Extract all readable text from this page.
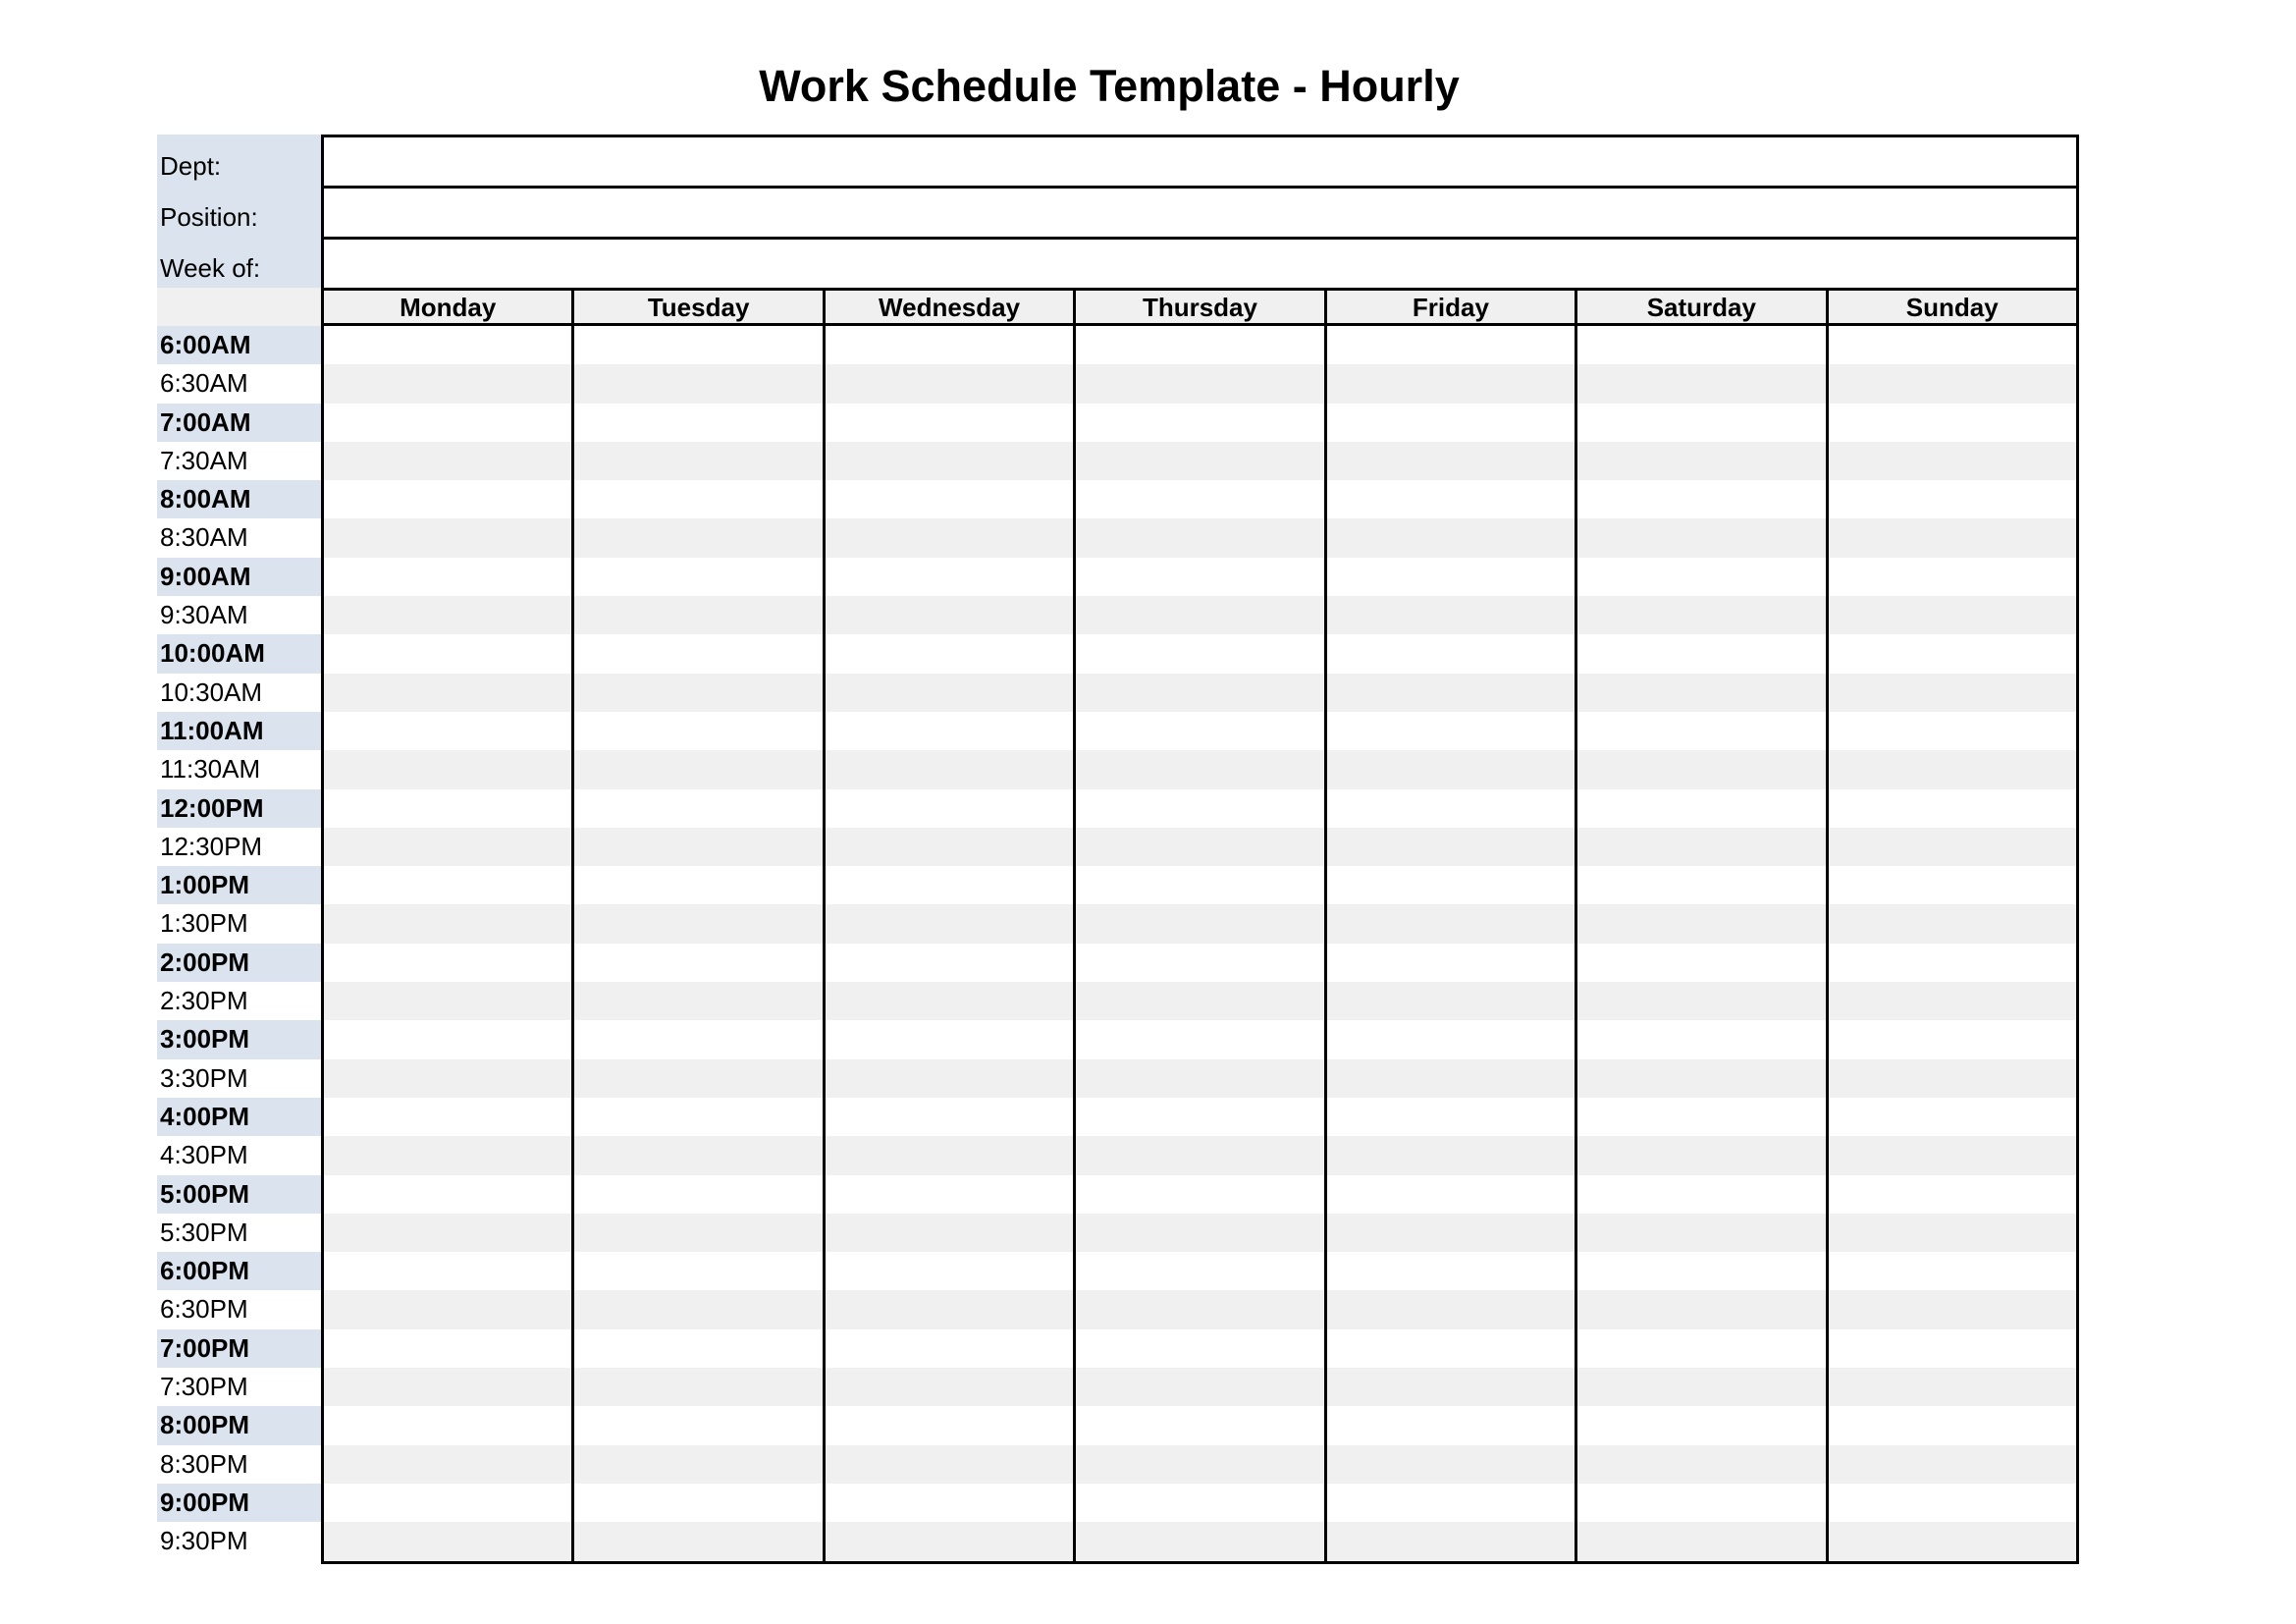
Work Schedule Template - Hourly
Dept:
Position:
Week of:
Monday	Tuesday	Wednesday	Thursday	Friday	Saturday	Sunday
6:00AM
6:30AM
7:00AM
7:30AM
8:00AM
8:30AM
9:00AM
9:30AM
10:00AM
10:30AM
11:00AM
11:30AM
12:00PM
12:30PM
1:00PM
1:30PM
2:00PM
2:30PM
3:00PM
3:30PM
4:00PM
4:30PM
5:00PM
5:30PM
6:00PM
6:30PM
7:00PM
7:30PM
8:00PM
8:30PM
9:00PM
9:30PM
